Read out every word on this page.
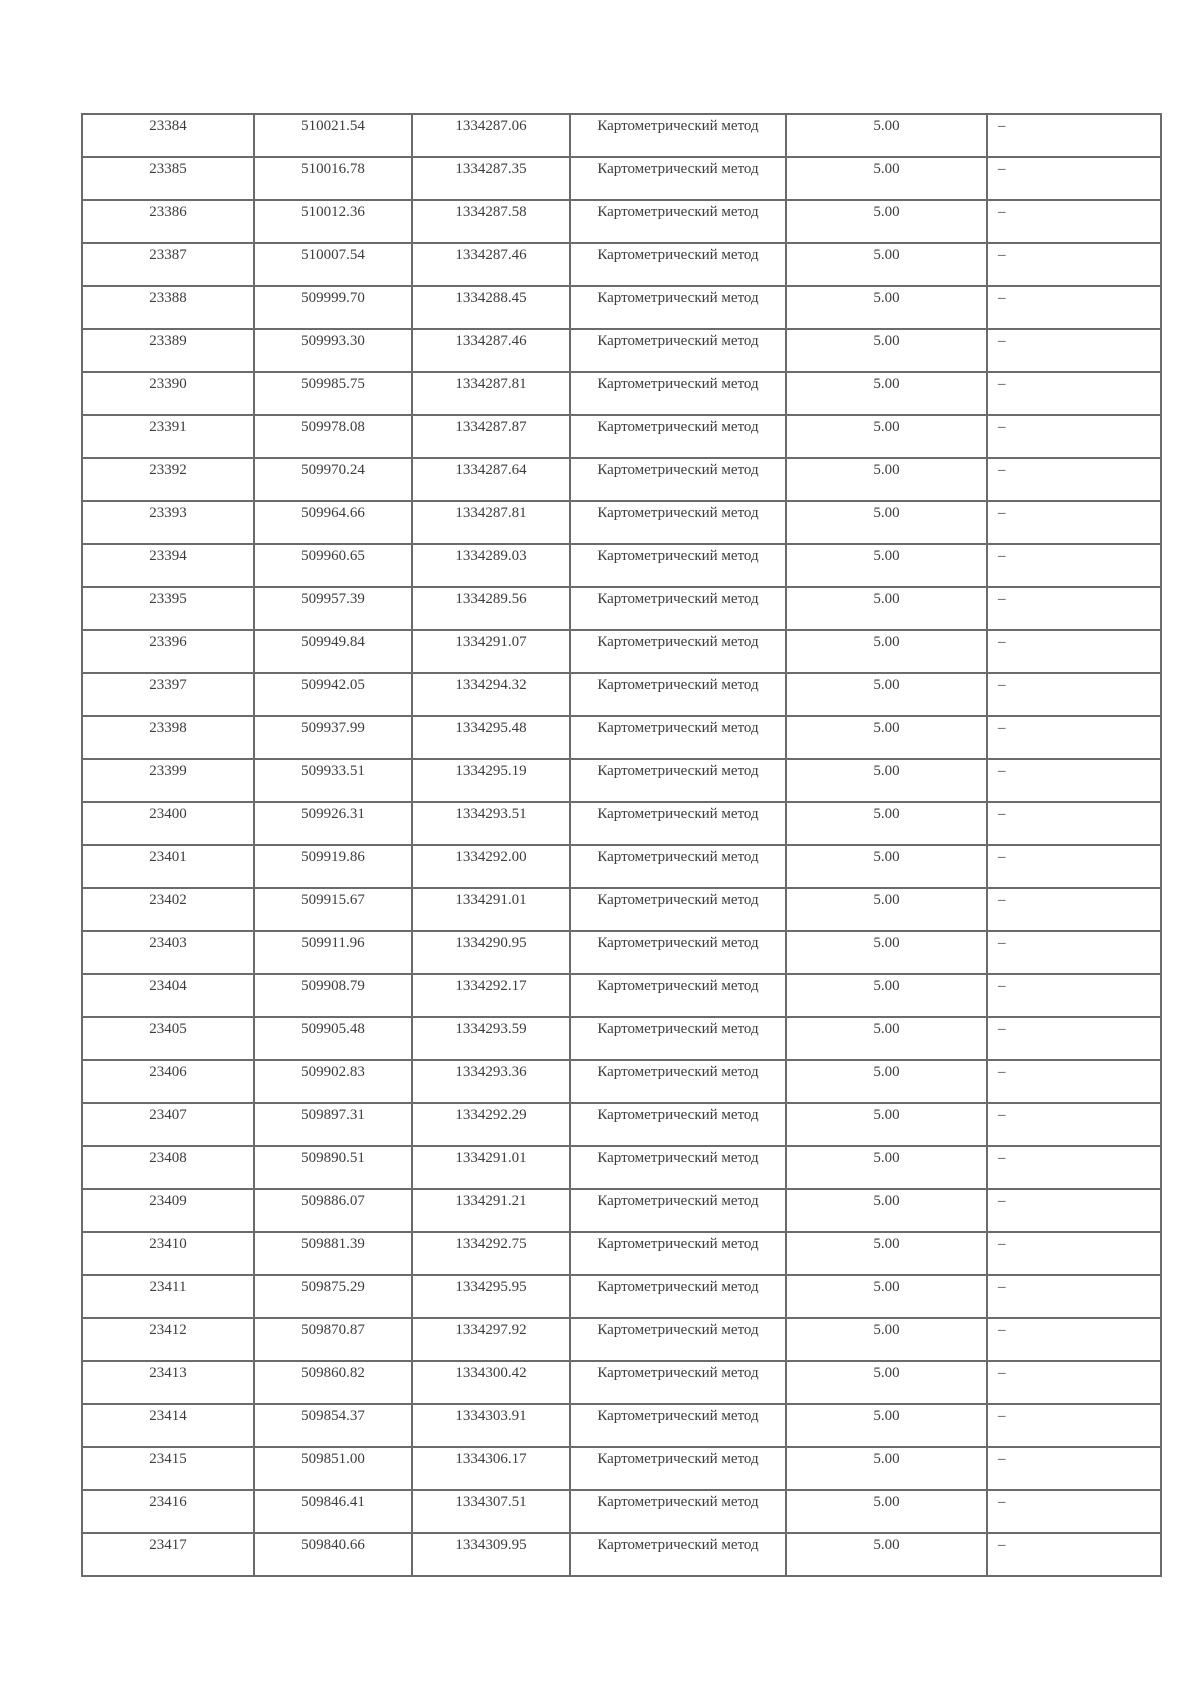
23384	510021.54	1334287.06	Картометрический метод	5.00	–
23385	510016.78	1334287.35	Картометрический метод	5.00	–
23386	510012.36	1334287.58	Картометрический метод	5.00	–
23387	510007.54	1334287.46	Картометрический метод	5.00	–
23388	509999.70	1334288.45	Картометрический метод	5.00	–
23389	509993.30	1334287.46	Картометрический метод	5.00	–
23390	509985.75	1334287.81	Картометрический метод	5.00	–
23391	509978.08	1334287.87	Картометрический метод	5.00	–
23392	509970.24	1334287.64	Картометрический метод	5.00	–
23393	509964.66	1334287.81	Картометрический метод	5.00	–
23394	509960.65	1334289.03	Картометрический метод	5.00	–
23395	509957.39	1334289.56	Картометрический метод	5.00	–
23396	509949.84	1334291.07	Картометрический метод	5.00	–
23397	509942.05	1334294.32	Картометрический метод	5.00	–
23398	509937.99	1334295.48	Картометрический метод	5.00	–
23399	509933.51	1334295.19	Картометрический метод	5.00	–
23400	509926.31	1334293.51	Картометрический метод	5.00	–
23401	509919.86	1334292.00	Картометрический метод	5.00	–
23402	509915.67	1334291.01	Картометрический метод	5.00	–
23403	509911.96	1334290.95	Картометрический метод	5.00	–
23404	509908.79	1334292.17	Картометрический метод	5.00	–
23405	509905.48	1334293.59	Картометрический метод	5.00	–
23406	509902.83	1334293.36	Картометрический метод	5.00	–
23407	509897.31	1334292.29	Картометрический метод	5.00	–
23408	509890.51	1334291.01	Картометрический метод	5.00	–
23409	509886.07	1334291.21	Картометрический метод	5.00	–
23410	509881.39	1334292.75	Картометрический метод	5.00	–
23411	509875.29	1334295.95	Картометрический метод	5.00	–
23412	509870.87	1334297.92	Картометрический метод	5.00	–
23413	509860.82	1334300.42	Картометрический метод	5.00	–
23414	509854.37	1334303.91	Картометрический метод	5.00	–
23415	509851.00	1334306.17	Картометрический метод	5.00	–
23416	509846.41	1334307.51	Картометрический метод	5.00	–
23417	509840.66	1334309.95	Картометрический метод	5.00	–
